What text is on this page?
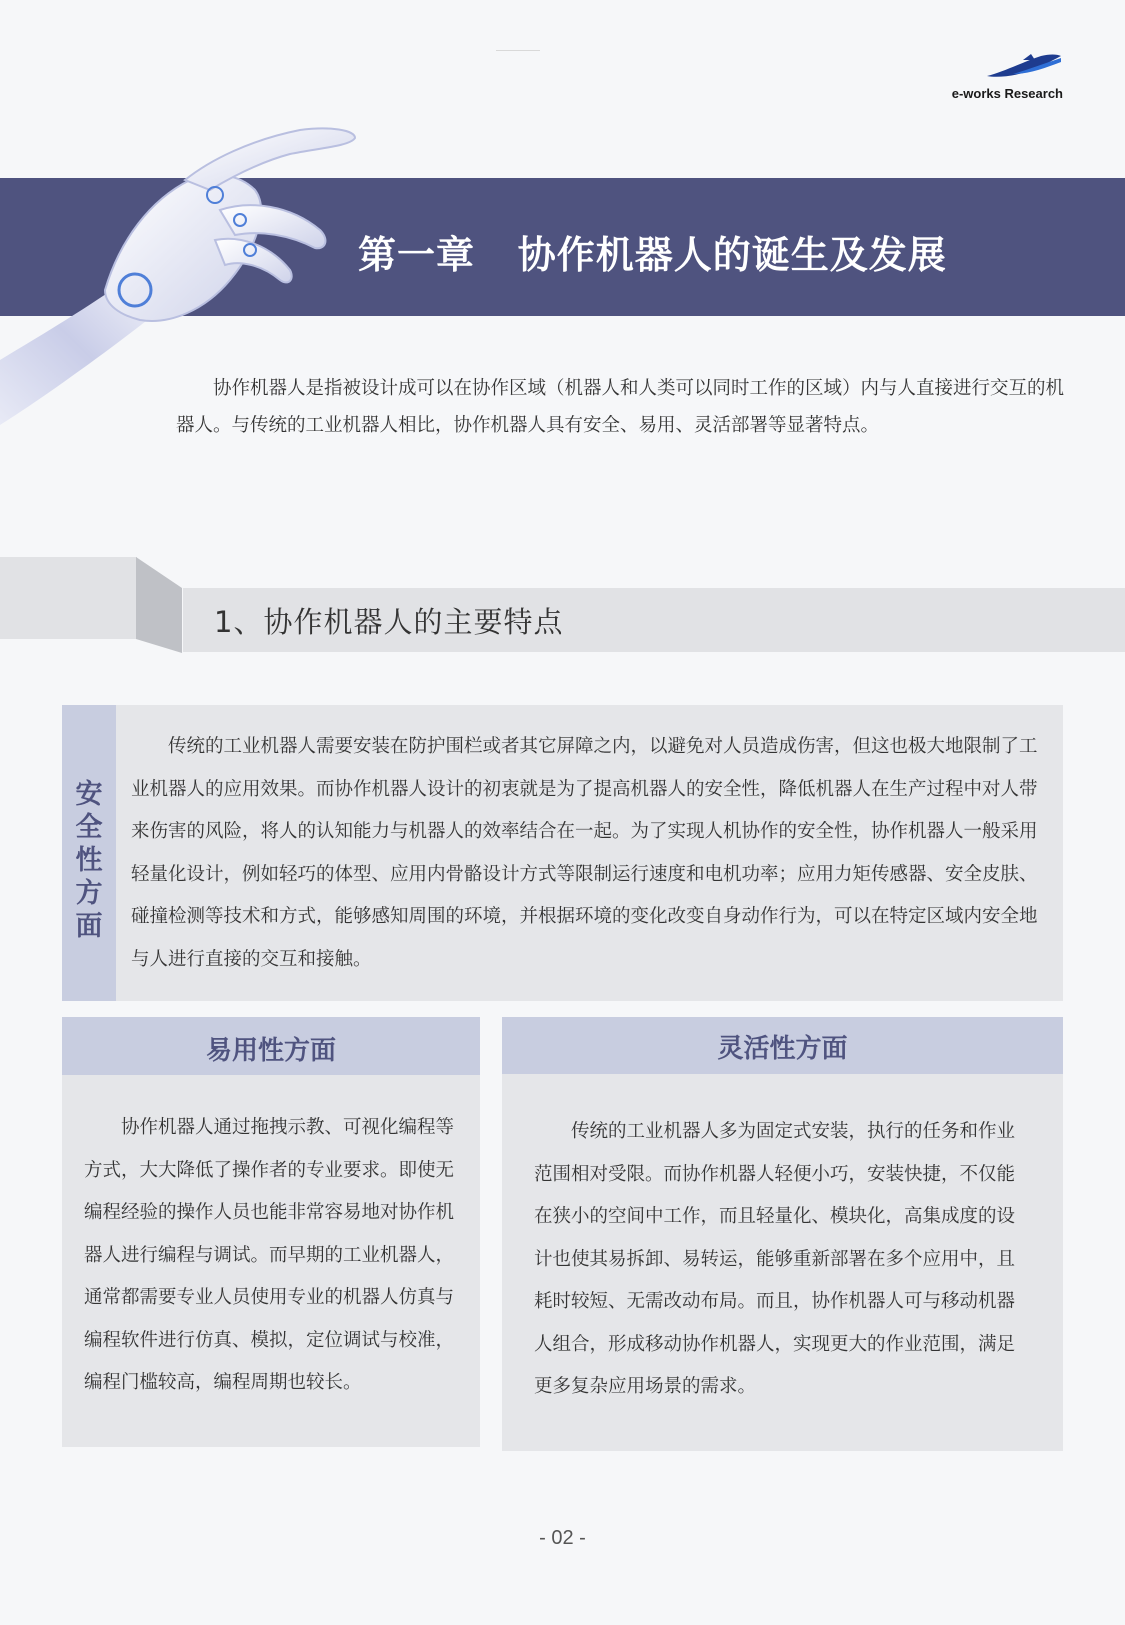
e-works Research
第一章   协作机器人的诞生及发展

协作机器人是指被设计成可以在协作区域（机器人和人类可以同时工作的区域）内与人直接进行交互的机器人。与传统的工业机器人相比，协作机器人具有安全、易用、灵活部署等显著特点。

1、协作机器人的主要特点
安全性方面

传统的工业机器人需要安装在防护围栏或者其它屏障之内，以避免对人员造成伤害，但这也极大地限制了工业机器人的应用效果。而协作机器人设计的初衷就是为了提高机器人的安全性，降低机器人在生产过程中对人带来伤害的风险，将人的认知能力与机器人的效率结合在一起。为了实现人机协作的安全性，协作机器人一般采用轻量化设计，例如轻巧的体型、应用内骨骼设计方式等限制运行速度和电机功率；应用力矩传感器、安全皮肤、碰撞检测等技术和方式，能够感知周围的环境，并根据环境的变化改变自身动作行为，可以在特定区域内安全地与人进行直接的交互和接触。

易用性方面

协作机器人通过拖拽示教、可视化编程等方式，大大降低了操作者的专业要求。即使无编程经验的操作人员也能非常容易地对协作机器人进行编程与调试。而早期的工业机器人，通常都需要专业人员使用专业的机器人仿真与编程软件进行仿真、模拟，定位调试与校准，编程门槛较高，编程周期也较长。

灵活性方面

传统的工业机器人多为固定式安装，执行的任务和作业范围相对受限。而协作机器人轻便小巧，安装快捷，不仅能在狭小的空间中工作，而且轻量化、模块化，高集成度的设计也使其易拆卸、易转运，能够重新部署在多个应用中，且耗时较短、无需改动布局。而且，协作机器人可与移动机器人组合，形成移动协作机器人，实现更大的作业范围，满足更多复杂应用场景的需求。

- 02 -
